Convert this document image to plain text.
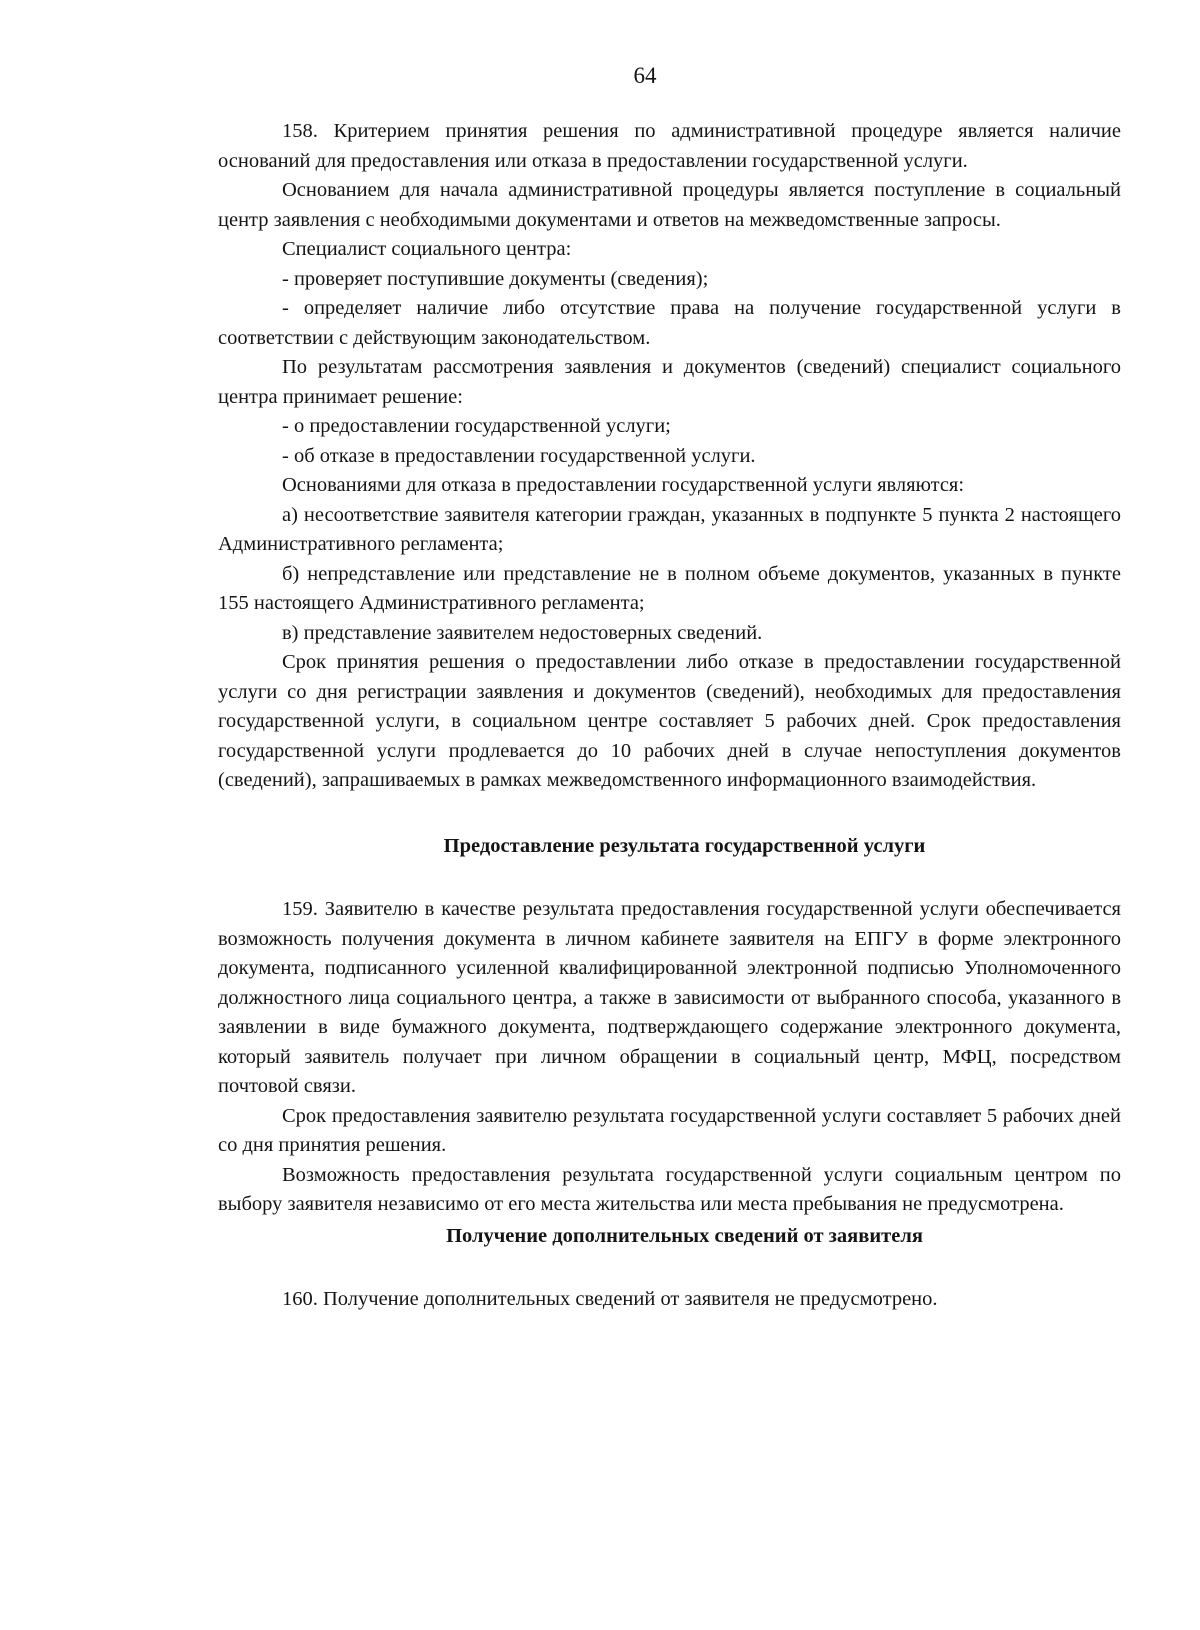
64

158. Критерием принятия решения по административной процедуре является наличие оснований для предоставления или отказа в предоставлении государственной услуги.

Основанием для начала административной процедуры является поступление в социальный центр заявления с необходимыми документами и ответов на межведомственные запросы.

Специалист социального центра:

- проверяет поступившие документы (сведения);

- определяет наличие либо отсутствие права на получение государственной услуги в соответствии с действующим законодательством.

По результатам рассмотрения заявления и документов (сведений) специалист социального центра принимает решение:

- о предоставлении государственной услуги;

- об отказе в предоставлении государственной услуги.

Основаниями для отказа в предоставлении государственной услуги являются:

а) несоответствие заявителя категории граждан, указанных в подпункте 5 пункта 2 настоящего Административного регламента;

б) непредставление или представление не в полном объеме документов, указанных в пункте 155 настоящего Административного регламента;

в) представление заявителем недостоверных сведений.

Срок принятия решения о предоставлении либо отказе в предоставлении государственной услуги со дня регистрации заявления и документов (сведений), необходимых для предоставления государственной услуги, в социальном центре составляет 5 рабочих дней. Срок предоставления государственной услуги продлевается до 10 рабочих дней в случае непоступления документов (сведений), запрашиваемых в рамках межведомственного информационного взаимодействия.

Предоставление результата государственной услуги

159. Заявителю в качестве результата предоставления государственной услуги обеспечивается возможность получения документа в личном кабинете заявителя на ЕПГУ в форме электронного документа, подписанного усиленной квалифицированной электронной подписью Уполномоченного должностного лица социального центра, а также в зависимости от выбранного способа, указанного в заявлении в виде бумажного документа, подтверждающего содержание электронного документа, который заявитель получает при личном обращении в социальный центр, МФЦ, посредством почтовой связи.

Срок предоставления заявителю результата государственной услуги составляет 5 рабочих дней со дня принятия решения.

Возможность предоставления результата государственной услуги социальным центром по выбору заявителя независимо от его места жительства или места пребывания не предусмотрена.

Получение дополнительных сведений от заявителя

160. Получение дополнительных сведений от заявителя не предусмотрено.
